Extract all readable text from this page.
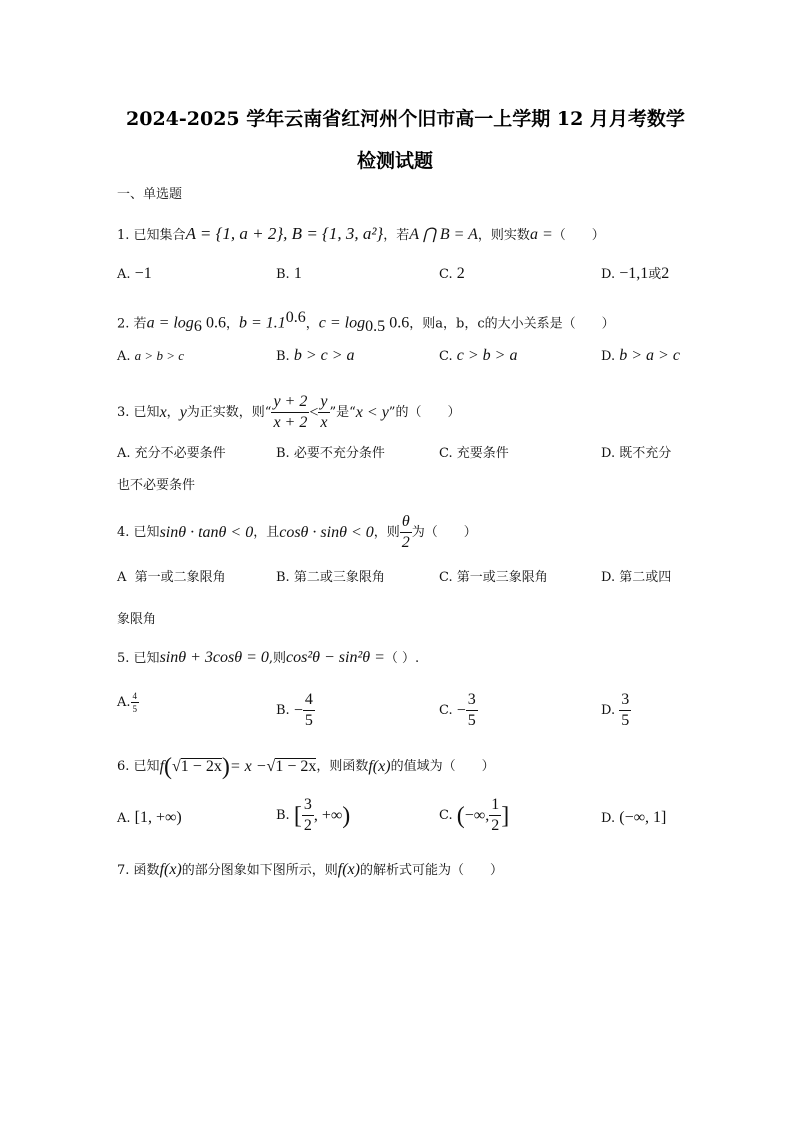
2024-2025 学年云南省红河州个旧市高一上学期 12 月月考数学
检测试题
一、单选题
1. 已知集合A = {1, a + 2}, B = {1, 3, a²}，若A ⋂ B = A，则实数a =（　　）
A. −1	B. 1	C. 2	D. −1,1或2
2. 若$a = \log_6 0.6$，$b = 1.1^{0.6}$，$c = \log_{0.5} 0.6$，则a，b，c的大小关系是（　　）
A. a > b > c	B. b > c > a	C. c > b > a	D. b > a > c
3.
已知 x ， y 为正实数，则“ $\frac{y + 2}{x + 2} < \frac{y}{x}$ ”是“ x < y ”的（　　）
A. 充分不必要条件	B. 必要不充分条件	C. 充要条件	D. 既不充分
也不必要条件
4.
已知 sinθ · tanθ < 0 ，且 cosθ · sinθ < 0 ，则 $\frac{\theta}{2}$ 为（　　）
A 第一或二象限角	B. 第二或三象限角	C. 第一或三象限角	D. 第二或四
象限角
5. 已知sinθ + 3cosθ = 0,则cos²θ − sin²θ =（ ）.
A. $\frac{4}{5}$	B.
− $\frac{4}{5}$	C.
− $\frac{3}{5}$	D.
$\frac{3}{5}$
6.
已知 f ( √ 1 − 2x ) = x − √ 1 − 2x ，则函数 f(x) 的值域为（　　）
A. [1, +∞)	B.
[ $\frac{3}{2}$ , +∞ )	C.
( −∞, $\frac{1}{2}$ ]	D. (−∞, 1]
7. 函数f(x)的部分图象如下图所示，则f(x)的解析式可能为（　　）
